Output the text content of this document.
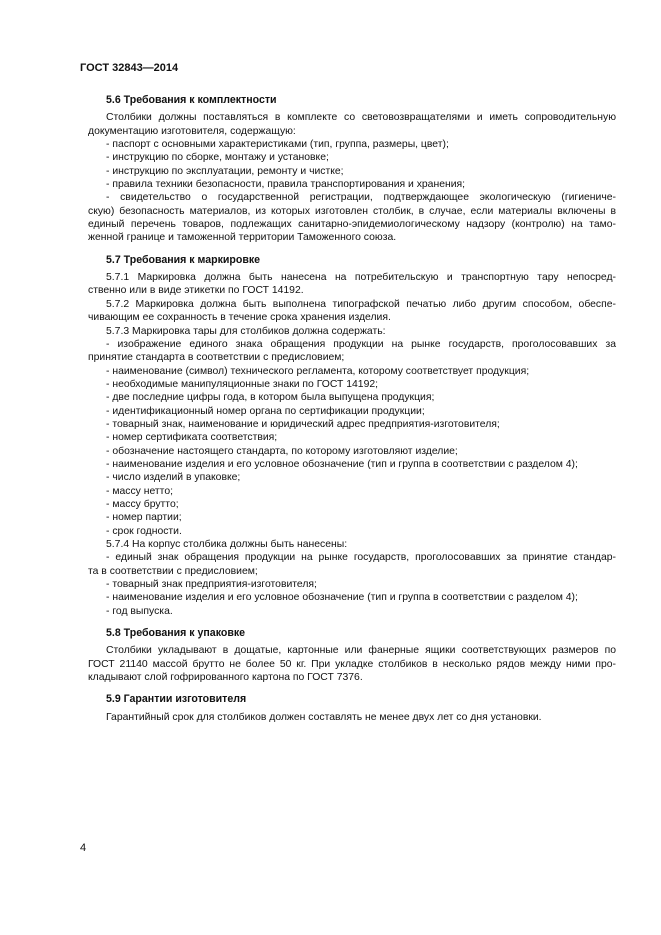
ГОСТ 32843—2014
5.6 Требования к комплектности
Столбики должны поставляться в комплекте со световозвращателями и иметь сопроводительную
документацию изготовителя, содержащую:
- паспорт с основными характеристиками (тип, группа, размеры, цвет);
- инструкцию по сборке, монтажу и установке;
- инструкцию по эксплуатации, ремонту и чистке;
- правила техники безопасности, правила транспортирования и хранения;
- свидетельство о государственной регистрации, подтверждающее экологическую (гигиениче-
скую) безопасность материалов, из которых изготовлен столбик, в случае, если материалы включены в
единый перечень товаров, подлежащих санитарно-эпидемиологическому надзору (контролю) на тамо-
женной границе и таможенной территории Таможенного союза.
5.7 Требования к маркировке
5.7.1 Маркировка должна быть нанесена на потребительскую и транспортную тару непосред-
ственно или в виде этикетки по ГОСТ 14192.
5.7.2 Маркировка должна быть выполнена типографской печатью либо другим способом, обеспе-
чивающим ее сохранность в течение срока хранения изделия.
5.7.3 Маркировка тары для столбиков должна содержать:
- изображение единого знака обращения продукции на рынке государств, проголосовавших за
принятие стандарта в соответствии с предисловием;
- наименование (символ) технического регламента, которому соответствует продукция;
- необходимые манипуляционные знаки по ГОСТ 14192;
- две последние цифры года, в котором была выпущена продукция;
- идентификационный номер органа по сертификации продукции;
- товарный знак, наименование и юридический адрес предприятия-изготовителя;
- номер сертификата соответствия;
- обозначение настоящего стандарта, по которому изготовляют изделие;
- наименование изделия и его условное обозначение (тип и группа в соответствии с разделом 4);
- число изделий в упаковке;
- массу нетто;
- массу брутто;
- номер партии;
- срок годности.
5.7.4 На корпус столбика должны быть нанесены:
- единый знак обращения продукции на рынке государств, проголосовавших за принятие стандар-
та в соответствии с предисловием;
- товарный знак предприятия-изготовителя;
- наименование изделия и его условное обозначение (тип и группа в соответствии с разделом 4);
- год выпуска.
5.8 Требования к упаковке
Столбики укладывают в дощатые, картонные или фанерные ящики соответствующих размеров по
ГОСТ 21140 массой брутто не более 50 кг. При укладке столбиков в несколько рядов между ними про-
кладывают слой гофрированного картона по ГОСТ 7376.
5.9 Гарантии изготовителя
Гарантийный срок для столбиков должен составлять не менее двух лет со дня установки.
4
